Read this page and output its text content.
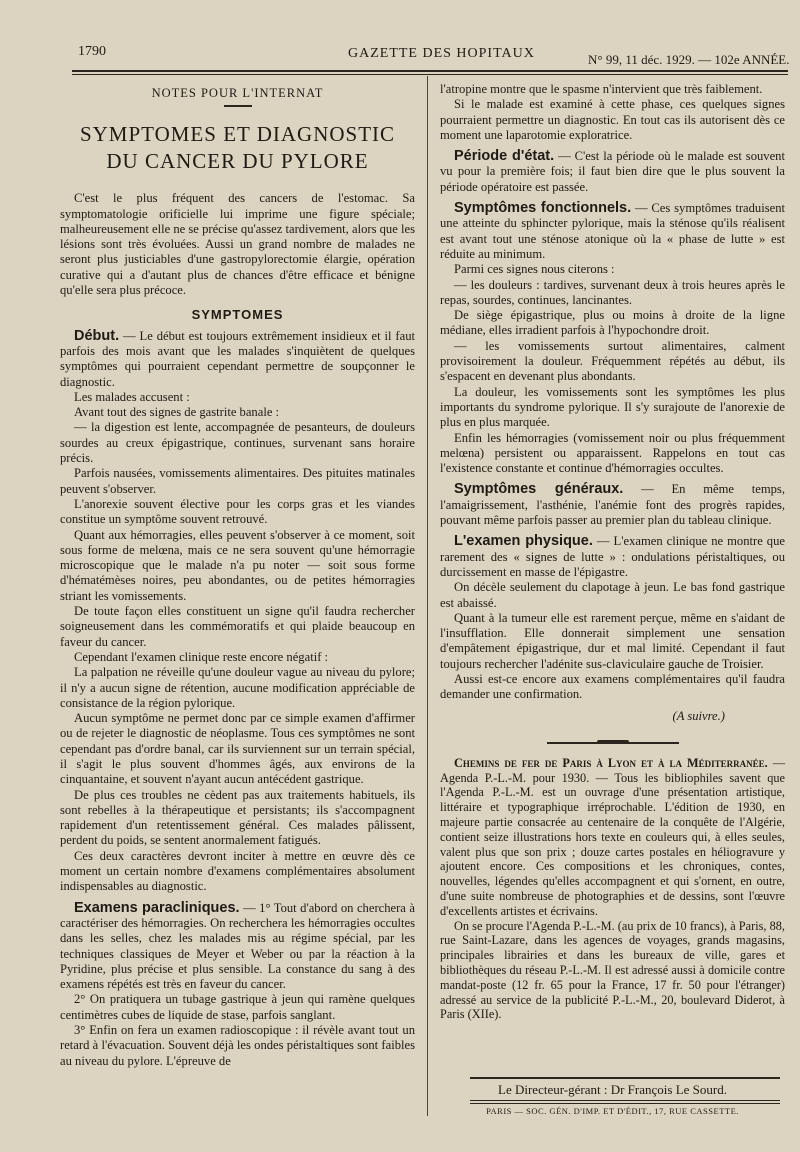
1790	GAZETTE DES HOPITAUX	N° 99, 11 déc. 1929. — 102e ANNÉE.
NOTES POUR L'INTERNAT
SYMPTOMES ET DIAGNOSTIC
DU CANCER DU PYLORE

C'est le plus fréquent des cancers de l'estomac. Sa symptomatologie orificielle lui imprime une figure spéciale; malheureusement elle ne se précise qu'assez tardivement, alors que les lésions sont très évoluées. Aussi un grand nombre de malades ne seront plus justiciables d'une gastropylorectomie élargie, opération curative qui a d'autant plus de chances d'être efficace et bénigne qu'elle sera plus précoce.

SYMPTOMES

Début. — Le début est toujours extrêmement insidieux et il faut parfois des mois avant que les malades s'inquiètent de quelques symptômes qui pourraient cependant permettre de soupçonner le diagnostic.

Les malades accusent :

Avant tout des signes de gastrite banale :

— la digestion est lente, accompagnée de pesanteurs, de douleurs sourdes au creux épigastrique, continues, survenant sans horaire précis.

Parfois nausées, vomissements alimentaires. Des pituites matinales peuvent s'observer.

L'anorexie souvent élective pour les corps gras et les viandes constitue un symptôme souvent retrouvé.

Quant aux hémorragies, elles peuvent s'observer à ce moment, soit sous forme de melœna, mais ce ne sera souvent qu'une hémorragie microscopique que le malade n'a pu noter — soit sous forme d'hématémèses noires, peu abondantes, ou de petites hémorragies striant les vomissements.

De toute façon elles constituent un signe qu'il faudra rechercher soigneusement dans les commémoratifs et qui plaide beaucoup en faveur du cancer.

Cependant l'examen clinique reste encore négatif :

La palpation ne réveille qu'une douleur vague au niveau du pylore; il n'y a aucun signe de rétention, aucune modification appréciable de consistance de la région pylorique.

Aucun symptôme ne permet donc par ce simple examen d'affirmer ou de rejeter le diagnostic de néoplasme. Tous ces symptômes ne sont cependant pas d'ordre banal, car ils surviennent sur un terrain spécial, il s'agit le plus souvent d'hommes âgés, aux environs de la cinquantaine, et souvent n'ayant aucun antécédent gastrique.

De plus ces troubles ne cèdent pas aux traitements habituels, ils sont rebelles à la thérapeutique et persistants; ils s'accompagnent rapidement d'un retentissement général. Ces malades pâlissent, perdent du poids, se sentent anormalement fatigués.

Ces deux caractères devront inciter à mettre en œuvre dès ce moment un certain nombre d'examens complémentaires absolument indispensables au diagnostic.

Examens paracliniques. — 1° Tout d'abord on cherchera à caractériser des hémorragies. On recherchera les hémorragies occultes dans les selles, chez les malades mis au régime spécial, par les techniques classiques de Meyer et Weber ou par la réaction à la Pyridine, plus précise et plus sensible. La constance du sang à des examens répétés est très en faveur du cancer.

2° On pratiquera un tubage gastrique à jeun qui ramène quelques centimètres cubes de liquide de stase, parfois sanglant.

3° Enfin on fera un examen radioscopique : il révèle avant tout un retard à l'évacuation. Souvent déjà les ondes péristaltiques sont faibles au niveau du pylore. L'épreuve de

l'atropine montre que le spasme n'intervient que très faiblement.

Si le malade est examiné à cette phase, ces quelques signes pourraient permettre un diagnostic. En tout cas ils autorisent dès ce moment une laparotomie exploratrice.

Période d'état. — C'est la période où le malade est souvent vu pour la première fois; il faut bien dire que le plus souvent la période opératoire est passée.

Symptômes fonctionnels. — Ces symptômes traduisent une atteinte du sphincter pylorique, mais la sténose qu'ils réalisent est avant tout une sténose atonique où la « phase de lutte » est réduite au minimum.

Parmi ces signes nous citerons :

— les douleurs : tardives, survenant deux à trois heures après le repas, sourdes, continues, lancinantes.

De siège épigastrique, plus ou moins à droite de la ligne médiane, elles irradient parfois à l'hypochondre droit.

— les vomissements surtout alimentaires, calment provisoirement la douleur. Fréquemment répétés au début, ils s'espacent en devenant plus abondants.

La douleur, les vomissements sont les symptômes les plus importants du syndrome pylorique. Il s'y surajoute de l'anorexie de plus en plus marquée.

Enfin les hémorragies (vomissement noir ou plus fréquemment melœna) persistent ou apparaissent. Rappelons en tout cas l'existence constante et continue d'hémorragies occultes.

Symptômes généraux. — En même temps, l'amaigrissement, l'asthénie, l'anémie font des progrès rapides, pouvant même parfois passer au premier plan du tableau clinique.

L'examen physique. — L'examen clinique ne montre que rarement des « signes de lutte » : ondulations péristaltiques, ou durcissement en masse de l'épigastre.

On décèle seulement du clapotage à jeun. Le bas fond gastrique est abaissé.

Quant à la tumeur elle est rarement perçue, même en s'aidant de l'insufflation. Elle donnerait simplement une sensation d'empâtement épigastrique, dur et mal limité. Cependant il faut toujours rechercher l'adénite sus-claviculaire gauche de Troisier.

Aussi est-ce encore aux examens complémentaires qu'il faudra demander une confirmation.

(A suivre.)

Chemins de fer de Paris à Lyon et à la Méditerranée. — Agenda P.-L.-M. pour 1930. — Tous les bibliophiles savent que l'Agenda P.-L.-M. est un ouvrage d'une présentation artistique, littéraire et typographique irréprochable. L'édition de 1930, en majeure partie consacrée au centenaire de la conquête de l'Algérie, contient seize illustrations hors texte en couleurs qui, à elles seules, valent plus que son prix ; douze cartes postales en héliogravure y ajoutent encore. Ces compositions et les chroniques, contes, nouvelles, légendes qu'elles accompagnent et qui s'ornent, en outre, d'une suite nombreuse de photographies et de dessins, sont l'œuvre d'excellents artistes et écrivains.

On se procure l'Agenda P.-L.-M. (au prix de 10 francs), à Paris, 88, rue Saint-Lazare, dans les agences de voyages, grands magasins, principales librairies et dans les bureaux de ville, gares et bibliothèques du réseau P.-L.-M. Il est adressé aussi à domicile contre mandat-poste (12 fr. 65 pour la France, 17 fr. 50 pour l'étranger) adressé au service de la publicité P.-L.-M., 20, boulevard Diderot, à Paris (XIIe).

Le Directeur-gérant : Dr François Le Sourd.
PARIS — SOC. GÉN. D'IMP. ET D'ÉDIT., 17, RUE CASSETTE.
